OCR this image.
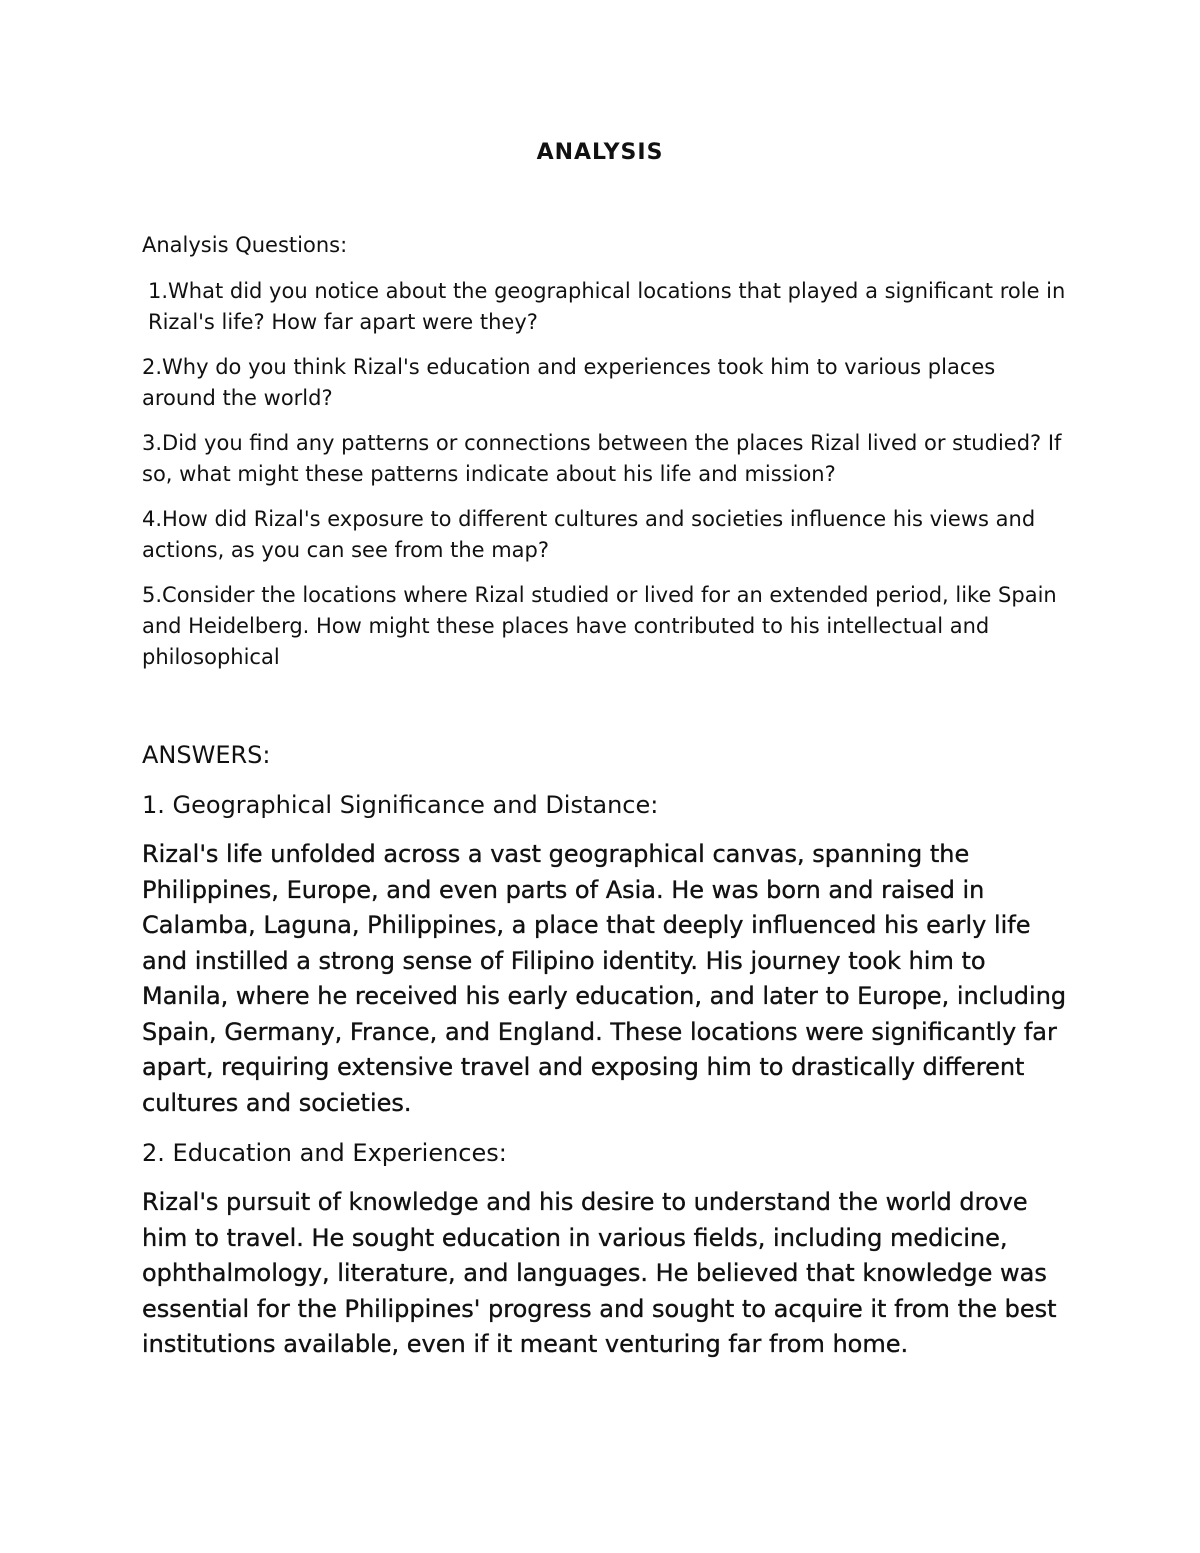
ANALYSIS

Analysis Questions:

1.What did you notice about the geographical locations that played a significant role in Rizal's life? How far apart were they?

2.Why do you think Rizal's education and experiences took him to various places around the world?

3.Did you find any patterns or connections between the places Rizal lived or studied? If so, what might these patterns indicate about his life and mission?

4.How did Rizal's exposure to different cultures and societies influence his views and actions, as you can see from the map?

5.Consider the locations where Rizal studied or lived for an extended period, like Spain and Heidelberg. How might these places have contributed to his intellectual and philosophical

ANSWERS:

1. Geographical Significance and Distance:

Rizal's life unfolded across a vast geographical canvas, spanning the Philippines, Europe, and even parts of Asia. He was born and raised in Calamba, Laguna, Philippines, a place that deeply influenced his early life and instilled a strong sense of Filipino identity. His journey took him to Manila, where he received his early education, and later to Europe, including Spain, Germany, France, and England. These locations were significantly far apart, requiring extensive travel and exposing him to drastically different cultures and societies.

2. Education and Experiences:

Rizal's pursuit of knowledge and his desire to understand the world drove him to travel. He sought education in various fields, including medicine, ophthalmology, literature, and languages. He believed that knowledge was essential for the Philippines' progress and sought to acquire it from the best institutions available, even if it meant venturing far from home.
